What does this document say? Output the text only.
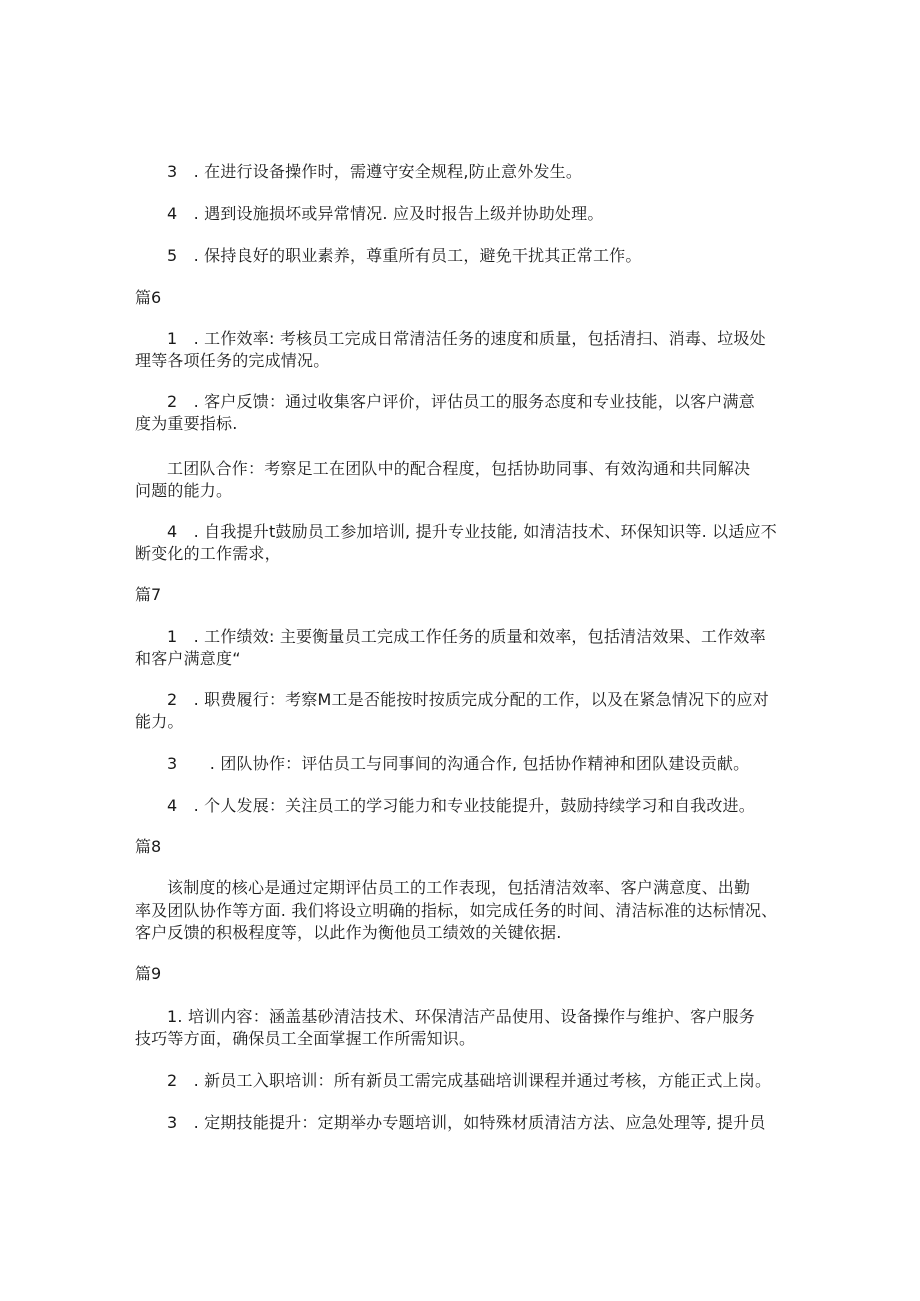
3　. 在进行设备操作时，需遵守安全规程,防止意外发生。
4　. 遇到设施损坏或异常情况. 应及时报告上级并协助处理。
5　. 保持良好的职业素养，尊重所有员工，避免干扰其正常工作。
篇6
1　. 工作效率: 考核员工完成日常清洁任务的速度和质量，包括清扫、消毒、垃圾处
理等各项任务的完成情况。
2　. 客户反馈：通过收集客户评价，评估员工的服务态度和专业技能，以客户满意
度为重要指标.
工团队合作：考察足工在团队中的配合程度，包括协助同事、有效沟通和共同解决
问题的能力。
4　. 自我提升t鼓励员工参加培训, 提升专业技能, 如清洁技术、环保知识等. 以适应不
断变化的工作需求，
篇7
1　. 工作绩效: 主要衡量员工完成工作任务的质量和效率，包括清洁效果、工作效率
和客户满意度“
2　. 职费履行：考察M工是否能按时按质完成分配的工作，以及在紧急情况下的应对
能力。
3　　. 团队协作：评估员工与同事间的沟通合作, 包括协作精神和团队建设贡献。
4　. 个人发展：关注员工的学习能力和专业技能提升，鼓励持续学习和自我改进。
篇8
该制度的核心是通过定期评估员工的工作表现，包括清洁效率、客户满意度、出勤
率及团队协作等方面. 我们将设立明确的指标，如完成任务的时间、清洁标准的达标情况、
客户反馈的积极程度等，以此作为衡他员工绩效的关键依据.
篇9
1. 培训内容：涵盖基砂清洁技术、环保清洁产品使用、设备操作与维护、客户服务
技巧等方面，确保员工全面掌握工作所需知识。
2　. 新员工入职培训：所有新员工需完成基础培训课程并通过考核，方能正式上岗。
3　. 定期技能提升：定期举办专题培训，如特殊材质清洁方法、应急处理等, 提升员
